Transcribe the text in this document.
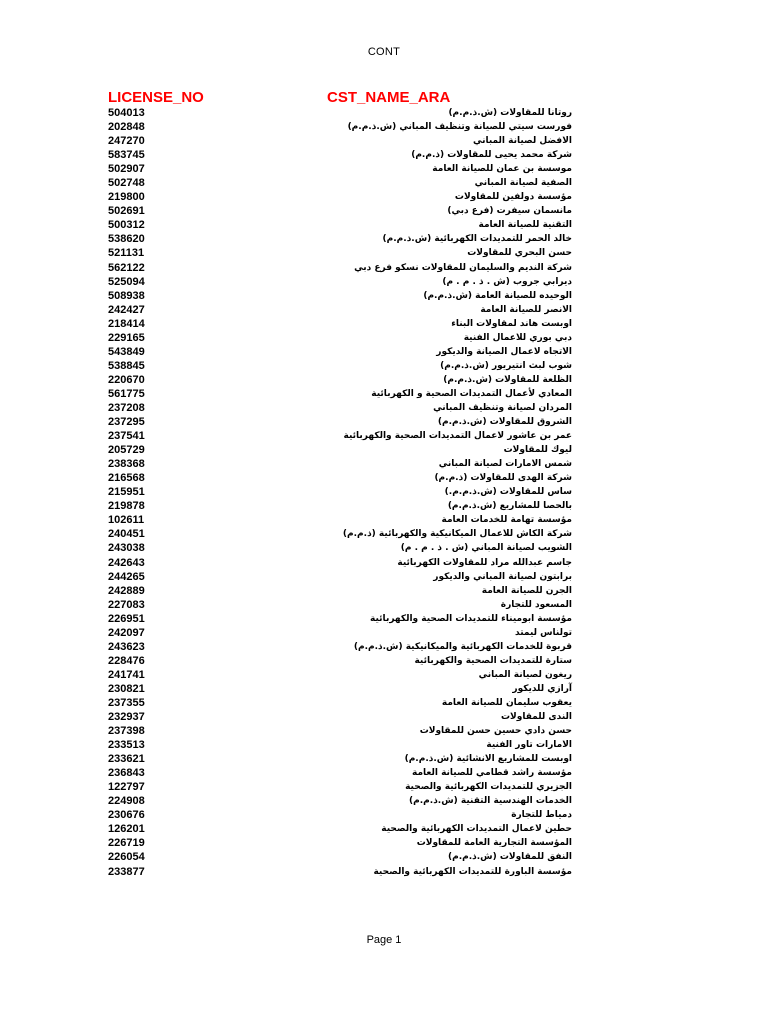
CONT
LICENSE_NO	CST_NAME_ARA
504013	روتانا للمقاولات (ش.ذ.م.م)
202848	فورست سيتي للصيانة وتنظيف المباني (ش.ذ.م.م)
247270	الافضل لصيانة المباني
583745	شركة محمد يحيى للمقاولات (ذ.م.م)
502907	موسسة بن عمان للصيانة العامة
502748	الصفية لصيانة المباني
219800	مؤسسة دولفين للمقاولات
502691	مانسمان سيفرت (فرع دبي)
500312	التقنية للصيانة العامة
538620	خالد الحمر للتمديدات الكهربائية (ش.ذ.م.م)
521131	حسن البحري للمقاولات
562122	شركة النديم والسليمان للمقاولات نسكو فرع دبي
525094	ديرابي جروب (ش . ذ . م . م)
508938	الوحيده للصيانة العامة (ش.ذ.م.م)
242427	الانصر للصيانة العامة
218414	اوبست هاند لمقاولات البناء
229165	دبي بوري للاعمال الفنية
543849	الاتجاه لاعمال الصيانة والديكور
538845	شوب لبث انتيريور (ش.ذ.م.م)
220670	الظلعة للمقاولات (ش.ذ.م.م)
561775	المعادي لأعمال التمديدات الصحية و الكهربائية
237208	المردان لصيانة وتنظيف المباني
237295	الشروق للمقاولات (ش.ذ.م.م)
237541	عمر بن عاشور لاعمال التمديدات الصحية والكهربائية
205729	ليوك للمقاولات
238368	شمس الامارات لصيانة المباني
216568	شركة الهدى للمقاولات (ذ.م.م)
215951	ساس للمقاولات (ش.ذ.م.م.)
219878	بالحصا للمشاريع (ش.ذ.م.م)
102611	مؤسسة تهامة للخدمات العامة
240451	شركة الكاش للاعمال الميكانيكية والكهربائية (ذ.م.م)
243038	الشويب لصيانة المباني (ش . ذ . م . م)
242643	جاسم عبدالله مراد للمقاولات الكهربائية
244265	برابتون لصيانة المباني والديكور
242889	الجرن للصيانة العامة
227083	المسعود للتجارة
226951	مؤسسة ابوميناء للتمديدات الصحية والكهربائية
242097	تولناس ليمتد
243623	قربوة للخدمات الكهربائية والميكانيكية (ش.ذ.م.م)
228476	ستارة للتمديدات الصحية والكهربائية
241741	ريغون لصيانة المباني
230821	آرازي للديكور
237355	يعقوب سليمان للصيانة العامة
232937	الندى للمقاولات
237398	حسن دادي حسين حسن للمقاولات
233513	الامارات تاور الفنية
233621	اوبست للمشاريع الانشائية (ش.ذ.م.م)
236843	مؤسسة راشد قطامي للصيانة العامة
122797	الجزيري للتمديدات الكهربائية والصحية
224908	الخدمات الهندسية التقنية (ش.ذ.م.م)
230676	دمياط للتجارة
126201	حطين لاعمال التمديدات الكهربائية والصحية
226719	المؤسسة التجارية العامة للمقاولات
226054	النفق للمقاولات (ش.ذ.م.م)
233877	مؤسسة الباورة للتمديدات الكهربائية والصحية
Page 1
